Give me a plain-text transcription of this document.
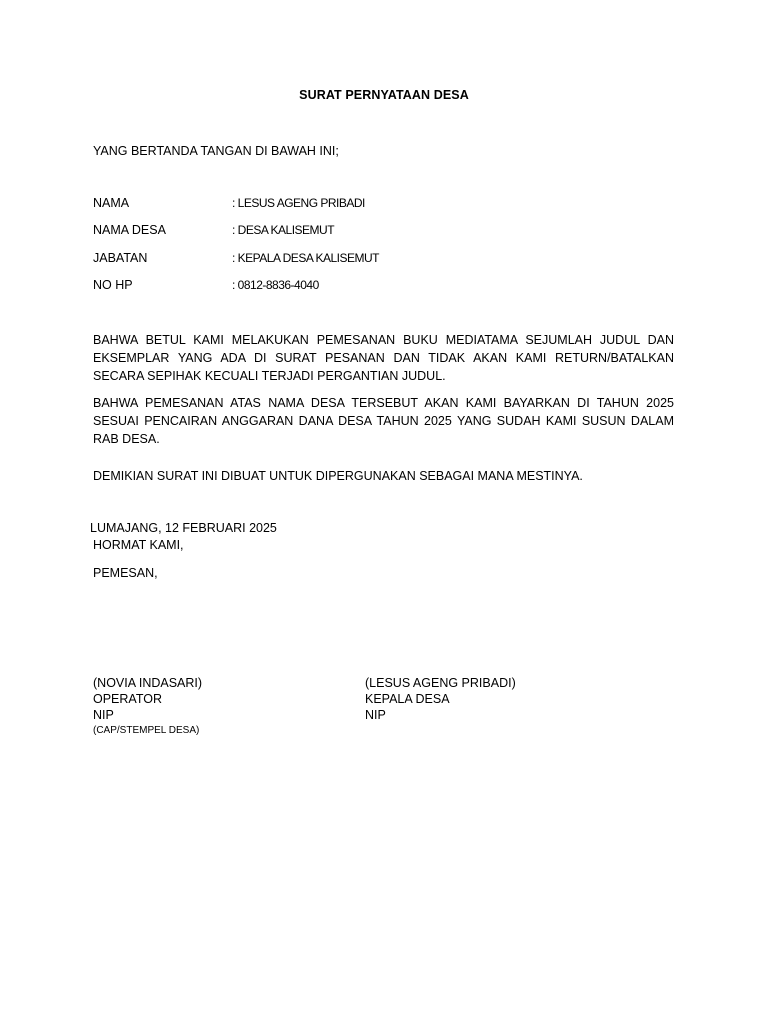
SURAT PERNYATAAN DESA
YANG BERTANDA TANGAN DI BAWAH INI;
NAMA	: LESUS AGENG PRIBADI
NAMA DESA	: DESA KALISEMUT
JABATAN	: KEPALA DESA KALISEMUT
NO HP	: 0812-8836-4040
BAHWA BETUL KAMI MELAKUKAN PEMESANAN BUKU MEDIATAMA SEJUMLAH JUDUL DAN EKSEMPLAR YANG ADA DI SURAT PESANAN DAN TIDAK AKAN KAMI RETURN/BATALKAN SECARA SEPIHAK KECUALI TERJADI PERGANTIAN JUDUL.
BAHWA PEMESANAN ATAS NAMA DESA TERSEBUT AKAN KAMI BAYARKAN DI TAHUN 2025 SESUAI PENCAIRAN ANGGARAN DANA DESA TAHUN 2025 YANG SUDAH KAMI SUSUN DALAM RAB DESA.
DEMIKIAN SURAT INI DIBUAT UNTUK DIPERGUNAKAN SEBAGAI MANA MESTINYA.
LUMAJANG, 12 FEBRUARI 2025
HORMAT KAMI,
PEMESAN,
(NOVIA INDASARI)
OPERATOR
NIP
(CAP/STEMPEL DESA)
(LESUS AGENG PRIBADI)
KEPALA DESA
NIP
